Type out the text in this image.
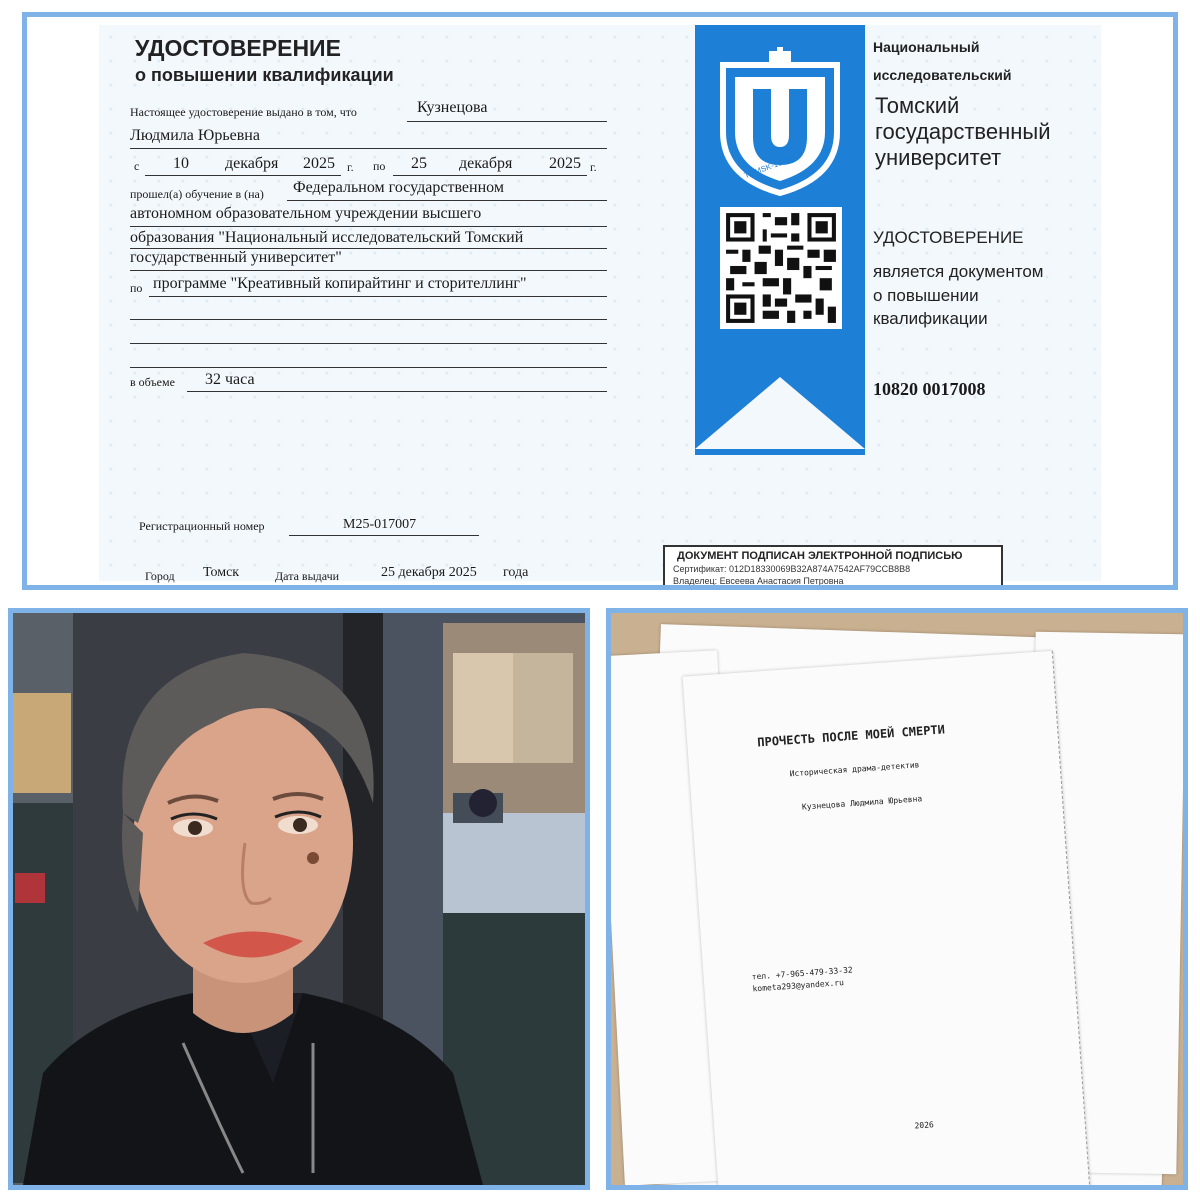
УДОСТОВЕРЕНИЕ
о повышении квалификации
Настоящее удостоверение выдано в том, что	Кузнецова
Людмила Юрьевна
с 10 декабря 2025 г. по 25 декабря 2025 г.
прошел(а) обучение в (на) Федеральном государственном
автономном образовательном учреждении высшего
образования "Национальный исследовательский Томский
государственный университет"
по программе "Креативный копирайтинг и сторителлинг"
в объеме 32 часа
Регистрационный номер	М25-017007
Город Томск	Дата выдачи	25 декабря 2025 года
TOMSK-1878
Национальный
исследовательский
Томский
государственный
университет
УДОСТОВЕРЕНИЕ
является документом
о повышении
квалификации
10820 0017008
ДОКУМЕНТ ПОДПИСАН ЭЛЕКТРОННОЙ ПОДПИСЬЮ
Сертификат: 012D18330069B32A874A7542AF79CCB8B8
Владелец: Евсеева Анастасия Петровна
ПРОЧЕСТЬ ПОСЛЕ МОЕЙ СМЕРТИ
Историческая драма-детектив
Кузнецова Людмила Юрьевна
тел. +7-965-479-33-32
kometa293@yandex.ru
2026
